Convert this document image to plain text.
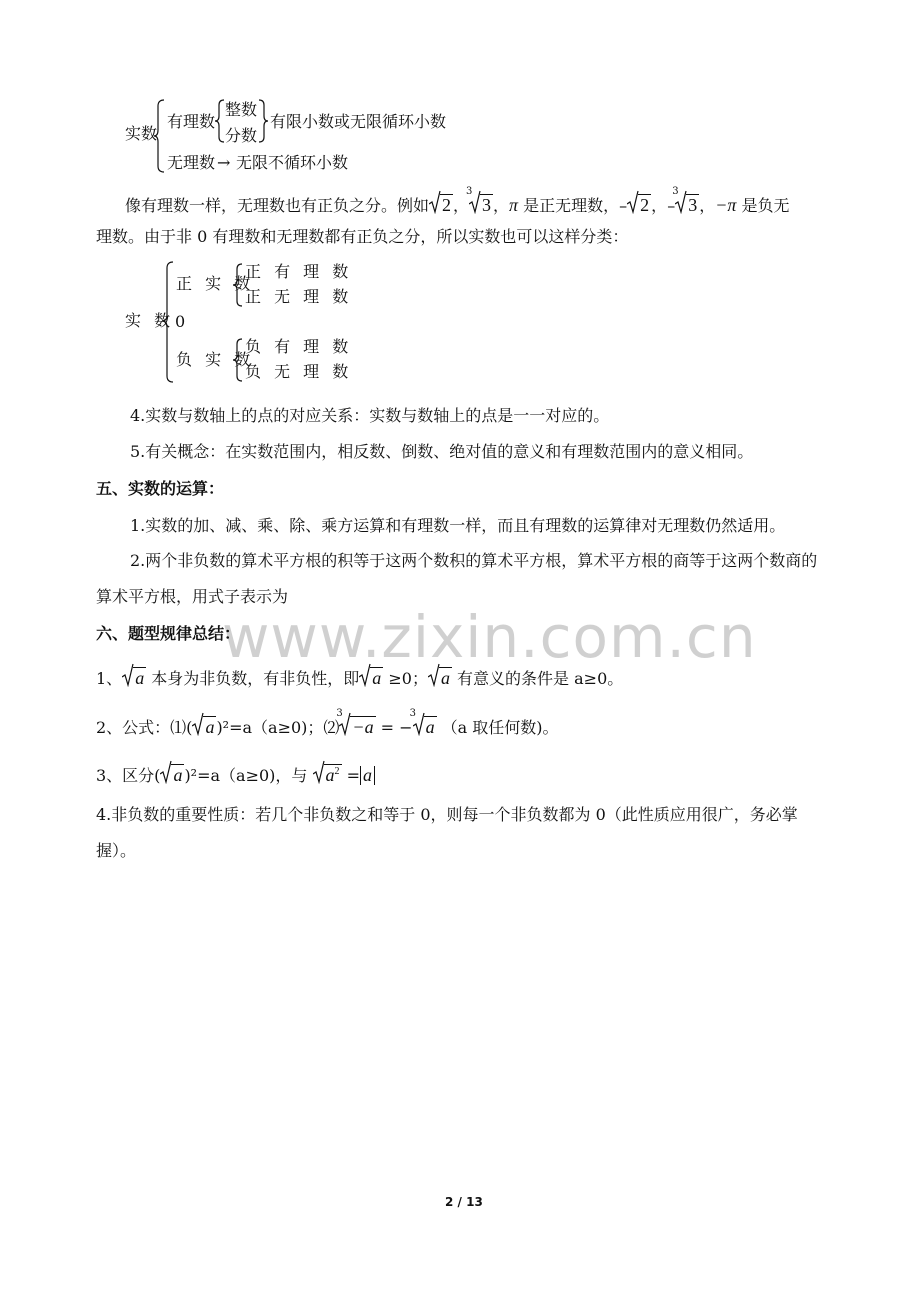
实数
有理数
整数
分数
有限小数或无限循环小数
无理数 → 无限不循环小数
像有理数一样，无理数也有正负之分。例如 2 ，
3
3 ，π 是正无理数，– 2 ，–
3
3 ，−π 是负无
理数。由于非 0 有理数和无理数都有正负之分，所以实数也可以这样分类：
实 数
正 实 数
正 有 理 数
正 无 理 数
0
负 实 数
负 有 理 数
负 无 理 数
4.实数与数轴上的点的对应关系：实数与数轴上的点是一一对应的。
5.有关概念：在实数范围内，相反数、倒数、绝对值的意义和有理数范围内的意义相同。
五、实数的运算：
1.实数的加、减、乘、除、乘方运算和有理数一样，而且有理数的运算律对无理数仍然适用。
2.两个非负数的算术平方根的积等于这两个数积的算术平方根，算术平方根的商等于这两个数商的
算术平方根，用式子表示为
www.zixin.com.cn
六、题型规律总结：
1、 a 本身为非负数，有非负性，即 a ≥0； a 有意义的条件是 a≥0。
2、公式：⑴( a )²=a（a≥0)；⑵
3
−a = −
3
a （a 取任何数)。
3、区分( a )²=a（a≥0)，与
$a^2 = a$
4.非负数的重要性质：若几个非负数之和等于 0，则每一个非负数都为 0（此性质应用很广，务必掌
握）。
2 / 13
